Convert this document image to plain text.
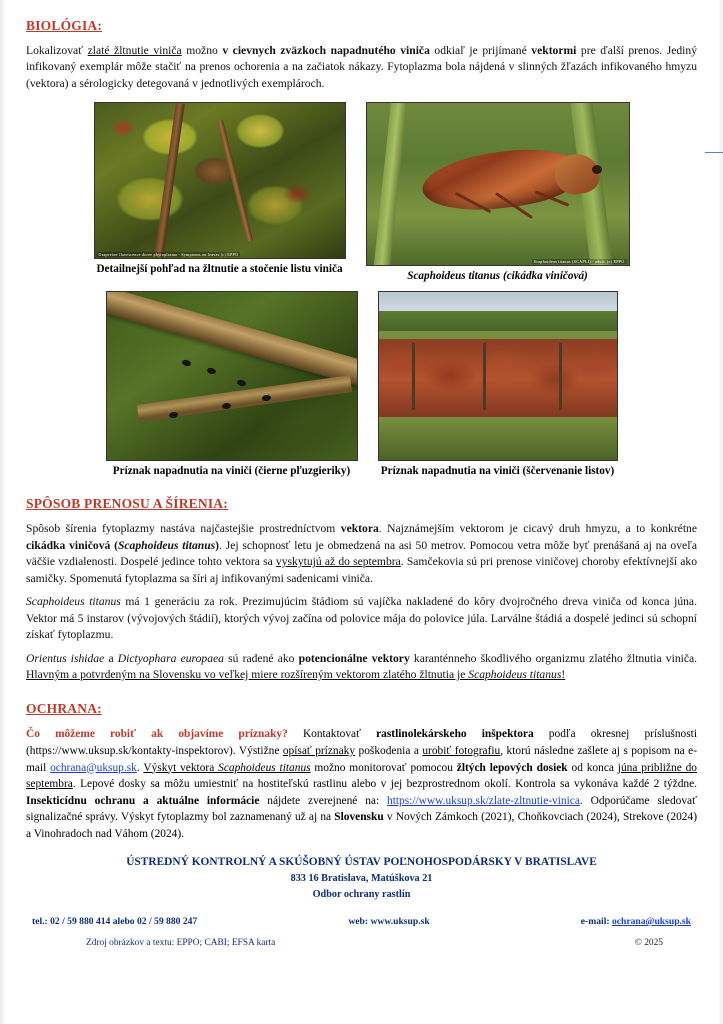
BIOLÓGIA:

Lokalizovať zlaté žltnutie viniča možno v cievnych zväzkoch napadnutého viniča odkiaľ je prijímané vektormi pre ďalší prenos. Jediný infikovaný exemplár môže stačiť na prenos ochorenia a na začiatok nákazy. Fytoplazma bola nájdená v slinných žľazách infikovaného hmyzu (vektora) a sérologicky detegovaná v jednotlivých exemplároch.

Grapevine flavescence doree phytoplasma - Symptoms on leaves (c) EPPO
Detailnejší pohľad na žltnutie a stočenie listu viniča
Scaphoideus titanus (SCAPLI) - adult; (c) EPPO
Scaphoideus titanus (cikádka viničová)
Príznak napadnutia na viniči (čierne pľuzgieriky)	Príznak napadnutia na viniči (ščervenanie listov)
SPÔSOB PRENOSU A ŠÍRENIA:

Spôsob šírenia fytoplazmy nastáva najčastejšie prostredníctvom vektora. Najznámejším vektorom je cicavý druh hmyzu, a to konkrétne cikádka viničová (Scaphoideus titanus). Jej schopnosť letu je obmedzená na asi 50 metrov. Pomocou vetra môže byť prenášaná aj na oveľa väčšie vzdialenosti. Dospelé jedince tohto vektora sa vyskytujú až do septembra. Samčekovia sú pri prenose viničovej choroby efektívnejší ako samičky. Spomenutá fytoplazma sa šíri aj infikovanými sadenicami viniča.

Scaphoideus titanus má 1 generáciu za rok. Prezimujúcim štádiom sú vajíčka nakladené do kôry dvojročného dreva viniča od konca júna. Vektor má 5 instarov (vývojových štádií), ktorých vývoj začína od polovice mája do polovice júla. Larválne štádiá a dospelé jedinci sú schopní získať fytoplazmu.

Orientus ishidae a Dictyophara europaea sú radené ako potencionálne vektory karanténneho škodlivého organizmu zlatého žltnutia viniča. Hlavným a potvrdeným na Slovensku vo veľkej miere rozšíreným vektorom zlatého žltnutia je Scaphoideus titanus!

OCHRANA:

Čo môžeme robiť ak objavíme príznaky? Kontaktovať rastlinolekárskeho inšpektora podľa okresnej príslušnosti (https://www.uksup.sk/kontakty-inspektorov). Výstižne opísať príznaky poškodenia a urobiť fotografiu, ktorú následne zašlete aj s popisom na e-mail ochrana@uksup.sk. Výskyt vektora Scaphoideus titanus možno monitorovať pomocou žltých lepových dosiek od konca júna približne do septembra. Lepové dosky sa môžu umiestniť na hostiteľskú rastlinu alebo v jej bezprostrednom okolí. Kontrola sa vykonáva každé 2 týždne. Insekticídnu ochranu a aktuálne informácie nájdete zverejnené na: https://www.uksup.sk/zlate-zltnutie-vinica. Odporúčame sledovať signalizačné správy. Výskyt fytoplazmy bol zaznamenaný už aj na Slovensku v Nových Zámkoch (2021), Choňkovciach (2024), Strekove (2024) a Vinohradoch nad Váhom (2024).

ÚSTREDNÝ KONTROLNÝ A SKÚŠOBNÝ ÚSTAV POĽNOHOSPODÁRSKY V BRATISLAVE
833 16 Bratislava, Matúškova 21
Odbor ochrany rastlín
tel.: 02 / 59 880 414 alebo 02 / 59 880 247	web: www.uksup.sk	e-mail: ochrana@uksup.sk
Zdroj obrázkov a textu: EPPO; CABI; EFSA karta	© 2025
